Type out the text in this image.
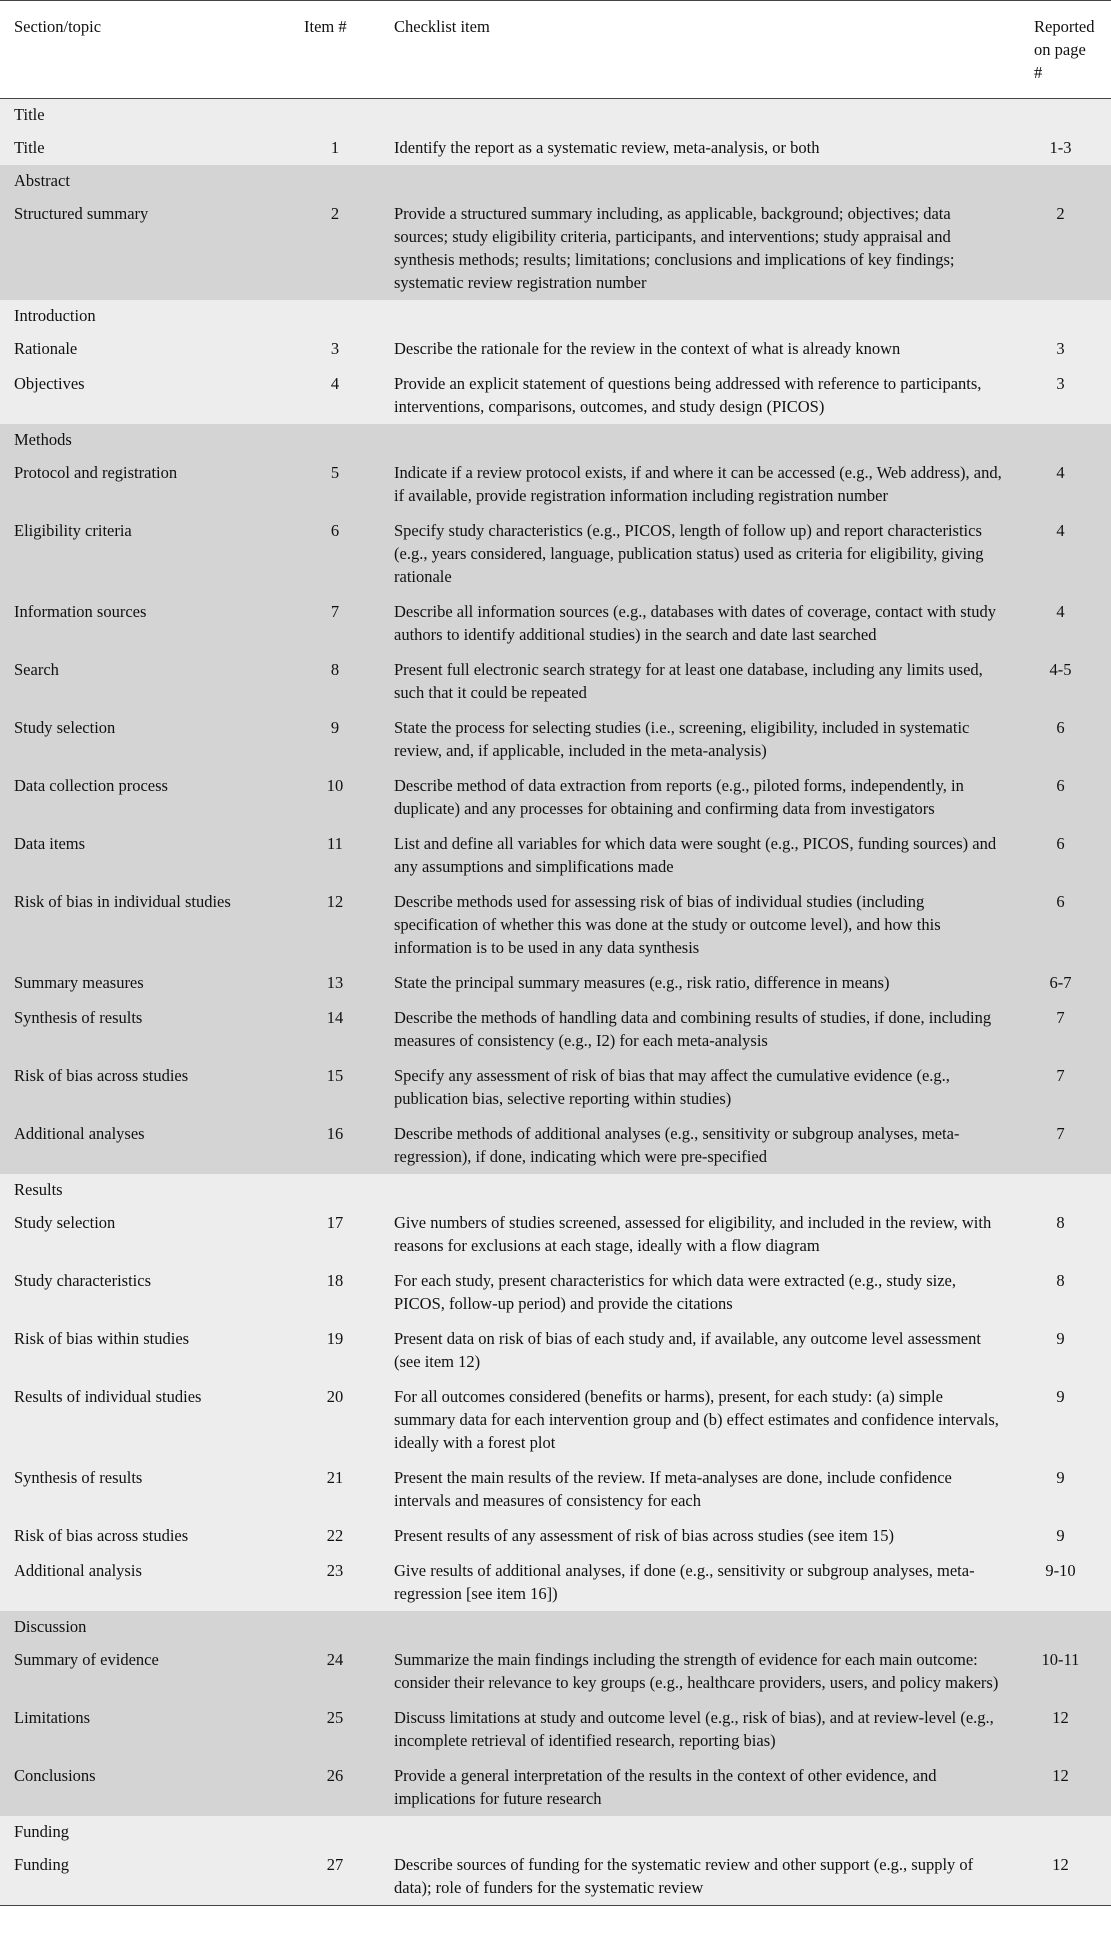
Section/topic	Item #	Checklist item	Reported on page #
Title			
Title	1	Identify the report as a systematic review, meta-analysis, or both	1-3
Abstract			
Structured summary	2	Provide a structured summary including, as applicable, background; objectives; data sources; study eligibility criteria, participants, and interventions; study appraisal and synthesis methods; results; limitations; conclusions and implications of key findings; systematic review registration number	2
Introduction			
Rationale	3	Describe the rationale for the review in the context of what is already known	3
Objectives	4	Provide an explicit statement of questions being addressed with reference to participants, interventions, comparisons, outcomes, and study design (PICOS)	3
Methods			
Protocol and registration	5	Indicate if a review protocol exists, if and where it can be accessed (e.g., Web address), and, if available, provide registration information including registration number	4
Eligibility criteria	6	Specify study characteristics (e.g., PICOS, length of follow up) and report characteristics (e.g., years considered, language, publication status) used as criteria for eligibility, giving rationale	4
Information sources	7	Describe all information sources (e.g., databases with dates of coverage, contact with study authors to identify additional studies) in the search and date last searched	4
Search	8	Present full electronic search strategy for at least one database, including any limits used, such that it could be repeated	4-5
Study selection	9	State the process for selecting studies (i.e., screening, eligibility, included in systematic review, and, if applicable, included in the meta-analysis)	6
Data collection process	10	Describe method of data extraction from reports (e.g., piloted forms, independently, in duplicate) and any processes for obtaining and confirming data from investigators	6
Data items	11	List and define all variables for which data were sought (e.g., PICOS, funding sources) and any assumptions and simplifications made	6
Risk of bias in individual studies	12	Describe methods used for assessing risk of bias of individual studies (including specification of whether this was done at the study or outcome level), and how this information is to be used in any data synthesis	6
Summary measures	13	State the principal summary measures (e.g., risk ratio, difference in means)	6-7
Synthesis of results	14	Describe the methods of handling data and combining results of studies, if done, including measures of consistency (e.g., I2) for each meta-analysis	7
Risk of bias across studies	15	Specify any assessment of risk of bias that may affect the cumulative evidence (e.g., publication bias, selective reporting within studies)	7
Additional analyses	16	Describe methods of additional analyses (e.g., sensitivity or subgroup analyses, meta-regression), if done, indicating which were pre-specified	7
Results			
Study selection	17	Give numbers of studies screened, assessed for eligibility, and included in the review, with reasons for exclusions at each stage, ideally with a flow diagram	8
Study characteristics	18	For each study, present characteristics for which data were extracted (e.g., study size, PICOS, follow-up period) and provide the citations	8
Risk of bias within studies	19	Present data on risk of bias of each study and, if available, any outcome level assessment (see item 12)	9
Results of individual studies	20	For all outcomes considered (benefits or harms), present, for each study: (a) simple summary data for each intervention group and (b) effect estimates and confidence intervals, ideally with a forest plot	9
Synthesis of results	21	Present the main results of the review. If meta-analyses are done, include confidence intervals and measures of consistency for each	9
Risk of bias across studies	22	Present results of any assessment of risk of bias across studies (see item 15)	9
Additional analysis	23	Give results of additional analyses, if done (e.g., sensitivity or subgroup analyses, meta-regression [see item 16])	9-10
Discussion			
Summary of evidence	24	Summarize the main findings including the strength of evidence for each main outcome: consider their relevance to key groups (e.g., healthcare providers, users, and policy makers)	10-11
Limitations	25	Discuss limitations at study and outcome level (e.g., risk of bias), and at review-level (e.g., incomplete retrieval of identified research, reporting bias)	12
Conclusions	26	Provide a general interpretation of the results in the context of other evidence, and implications for future research	12
Funding			
Funding	27	Describe sources of funding for the systematic review and other support (e.g., supply of data); role of funders for the systematic review	12
